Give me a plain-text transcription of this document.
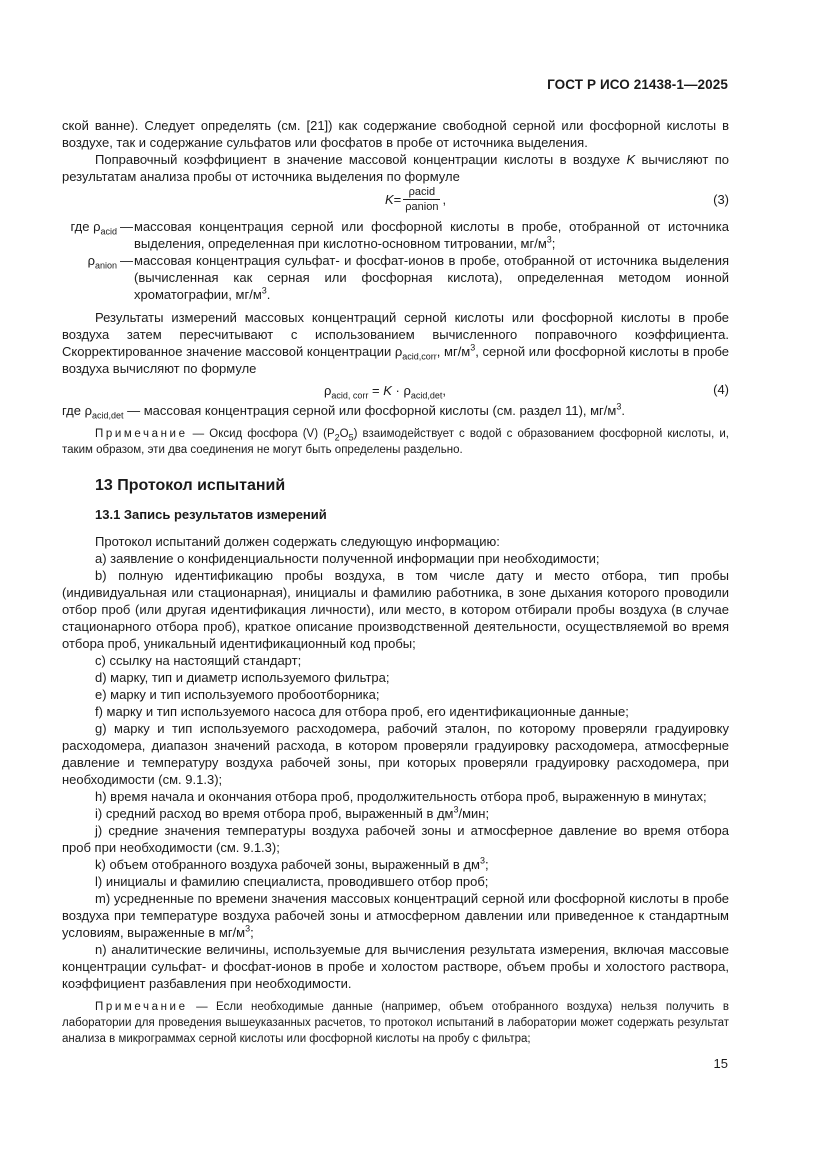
ГОСТ Р ИСО 21438-1—2025

ской ванне). Следует определять (см. [21]) как содержание свободной серной или фосфорной кислоты в воздухе, так и содержание сульфатов или фосфатов в пробе от источника выделения.

Поправочный коэффициент в значение массовой концентрации кислоты в воздухе K вычисляют по результатам анализа пробы от источника выделения по формуле

$K = \frac{\text{ρacid}}{\text{ρanion}}$ ,	(3)
где $\rho_{acid}$ — массовая концентрация серной или фосфорной кислоты в пробе, отобранной от источника выделения, определенная при кислотно-основном титровании, $мг/м^3$;
$\rho_{anion}$ — массовая концентрация сульфат- и фосфат-ионов в пробе, отобранной от источника выделения (вычисленная как серная или фосфорная кислота), определенная методом ионной хроматографии, $мг/м^3$.

Результаты измерений массовых концентраций серной кислоты или фосфорной кислоты в пробе воздуха затем пересчитывают с использованием вычисленного поправочного коэффициента. Скорректированное значение массовой концентрации $\rho_{acid,corr}$, $мг/м^3$, серной или фосфорной кислоты в пробе воздуха вычисляют по формуле

$\rho_{acid, corr} = K \cdot \rho_{acid,det}$,	(4)

где $\rho_{acid,det}$ — массовая концентрация серной или фосфорной кислоты (см. раздел 11), $мг/м^3$.

Примечание — Оксид фосфора (V) $(P_2O_5)$ взаимодействует с водой с образованием фосфорной кислоты, и, таким образом, эти два соединения не могут быть определены раздельно.

13 Протокол испытаний

13.1 Запись результатов измерений

Протокол испытаний должен содержать следующую информацию:

а) заявление о конфиденциальности полученной информации при необходимости;

b) полную идентификацию пробы воздуха, в том числе дату и место отбора, тип пробы (индивидуальная или стационарная), инициалы и фамилию работника, в зоне дыхания которого проводили отбор проб (или другая идентификация личности), или место, в котором отбирали пробы воздуха (в случае стационарного отбора проб), краткое описание производственной деятельности, осуществляемой во время отбора проб, уникальный идентификационный код пробы;

c) ссылку на настоящий стандарт;

d) марку, тип и диаметр используемого фильтра;

e) марку и тип используемого пробоотборника;

f) марку и тип используемого насоса для отбора проб, его идентификационные данные;

g) марку и тип используемого расходомера, рабочий эталон, по которому проверяли градуировку расходомера, диапазон значений расхода, в котором проверяли градуировку расходомера, атмосферные давление и температуру воздуха рабочей зоны, при которых проверяли градуировку расходомера, при необходимости (см. 9.1.3);

h) время начала и окончания отбора проб, продолжительность отбора проб, выраженную в минутах;

i) средний расход во время отбора проб, выраженный в $дм^3$/мин;

j) средние значения температуры воздуха рабочей зоны и атмосферное давление во время отбора проб при необходимости (см. 9.1.3);

k) объем отобранного воздуха рабочей зоны, выраженный в $дм^3$;

l) инициалы и фамилию специалиста, проводившего отбор проб;

m) усредненные по времени значения массовых концентраций серной или фосфорной кислоты в пробе воздуха при температуре воздуха рабочей зоны и атмосферном давлении или приведенное к стандартным условиям, выраженные в $мг/м^3$;

n) аналитические величины, используемые для вычисления результата измерения, включая массовые концентрации сульфат- и фосфат-ионов в пробе и холостом растворе, объем пробы и холостого раствора, коэффициент разбавления при необходимости.

Примечание — Если необходимые данные (например, объем отобранного воздуха) нельзя получить в лаборатории для проведения вышеуказанных расчетов, то протокол испытаний в лаборатории может содержать результат анализа в микрограммах серной кислоты или фосфорной кислоты на пробу с фильтра;

15
